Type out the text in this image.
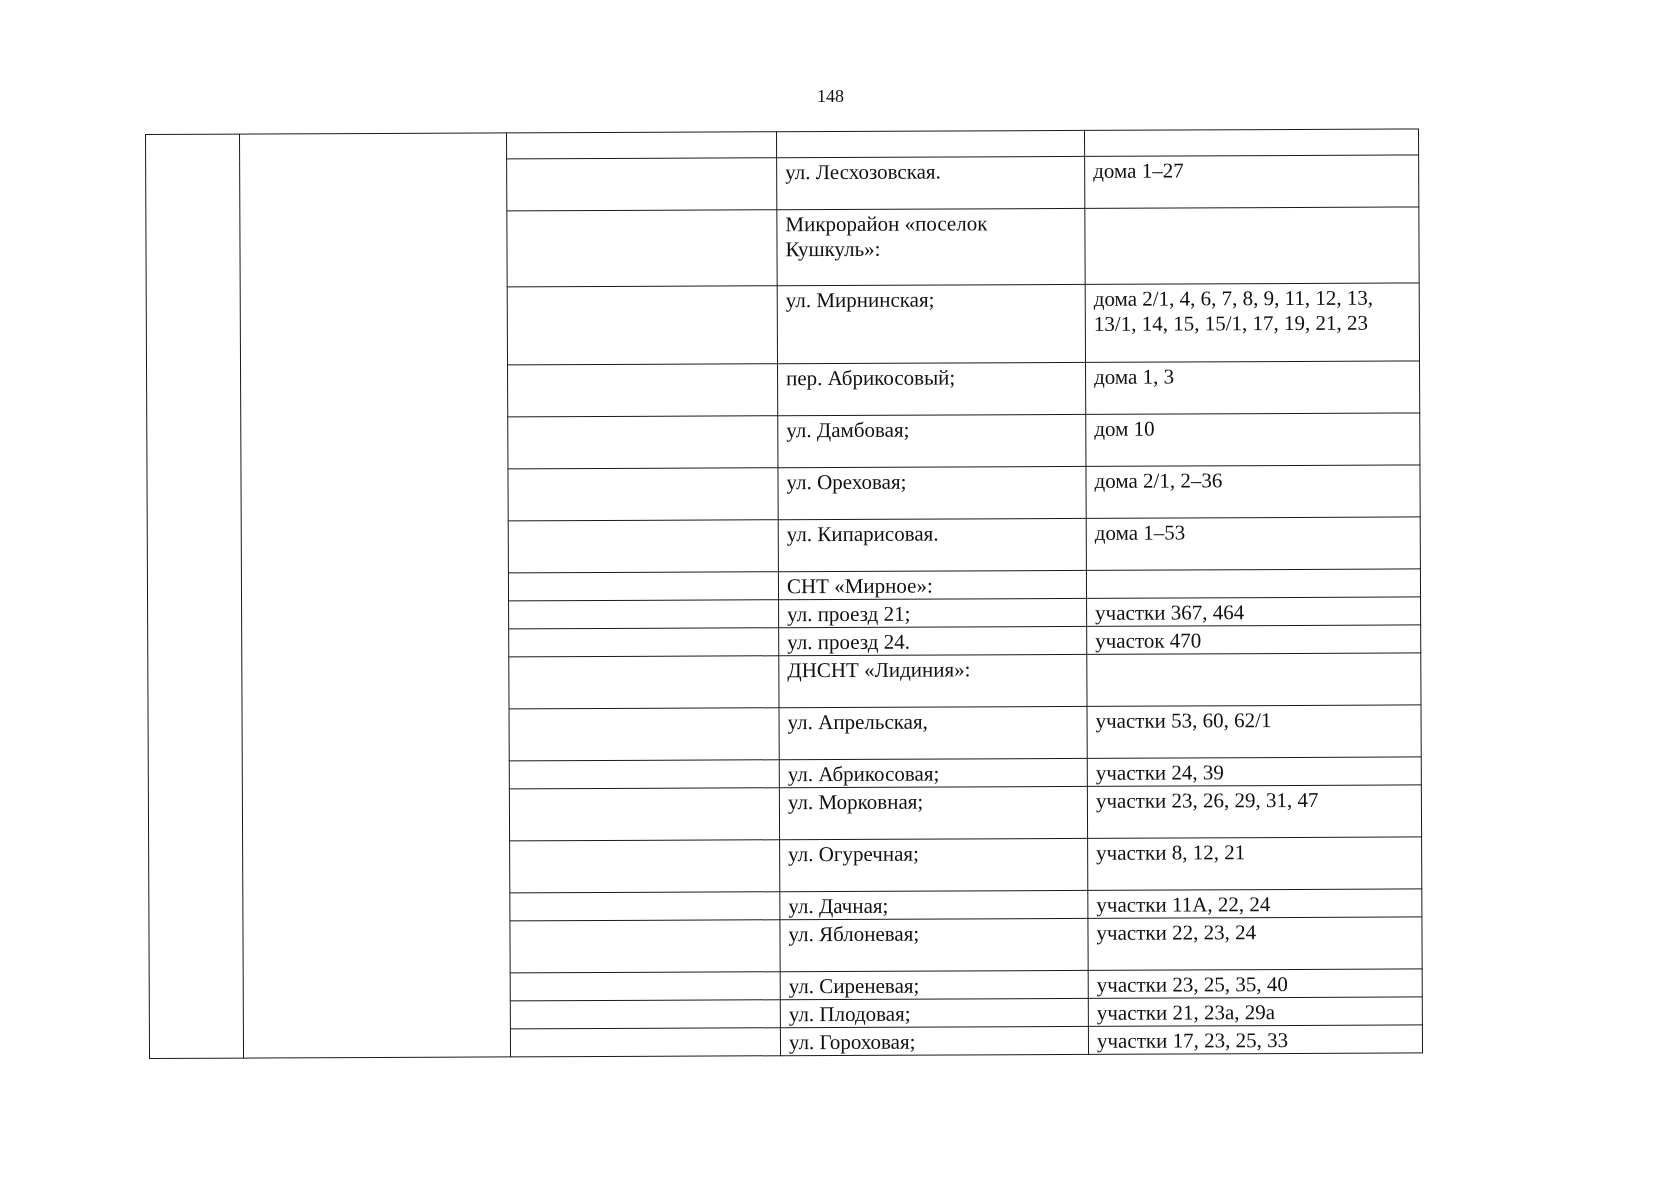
148

			ул. Лесхозовская.	дома 1–27
			Микрорайон «поселок Кушкуль»:	
			ул. Мирнинская;	дома 2/1, 4, 6, 7, 8, 9, 11, 12, 13, 13/1, 14, 15, 15/1, 17, 19, 21, 23
			пер. Абрикосовый;	дома 1, 3
			ул. Дамбовая;	дом 10
			ул. Ореховая;	дома 2/1, 2–36
			ул. Кипарисовая.	дома 1–53
			СНТ «Мирное»:	
			ул. проезд 21;	участки 367, 464
			ул. проезд 24.	участок 470
			ДНСНТ «Лидиния»:	
			ул. Апрельская,	участки 53, 60, 62/1
			ул. Абрикосовая;	участки 24, 39
			ул. Морковная;	участки 23, 26, 29, 31, 47
			ул. Огуречная;	участки 8, 12, 21
			ул. Дачная;	участки 11А, 22, 24
			ул. Яблоневая;	участки 22, 23, 24
			ул. Сиреневая;	участки 23, 25, 35, 40
			ул. Плодовая;	участки 21, 23а, 29а
			ул. Гороховая;	участки 17, 23, 25, 33
